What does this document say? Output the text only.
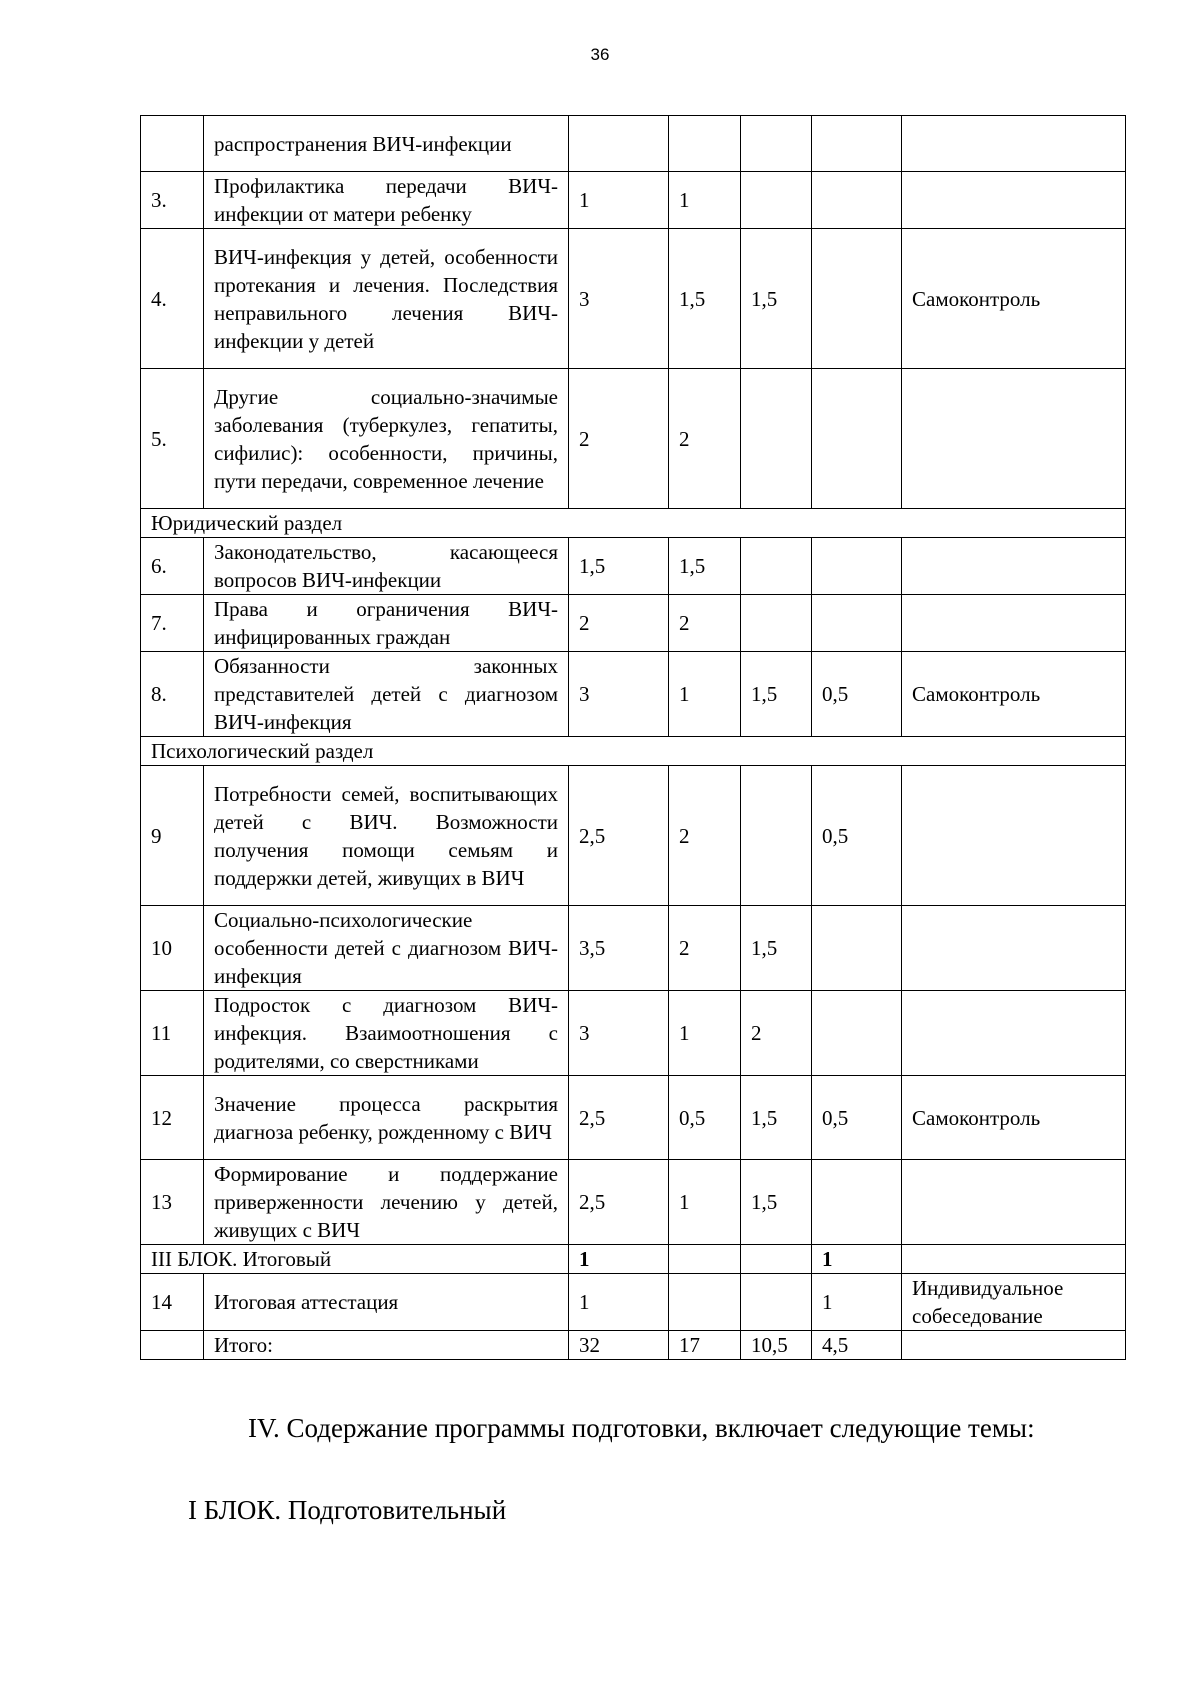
36
	распространения ВИЧ-инфекции					
3.	Профилактика передачи ВИЧ-инфекции от матери ребенку	1	1			
4.	ВИЧ-инфекция у детей, особенности протекания и лечения. Последствия неправильного лечения ВИЧ-инфекции у детей	3	1,5	1,5		Самоконтроль
5.	Другие социально-значимые заболевания (туберкулез, гепатиты, сифилис): особенности, причины, пути передачи, современное лечение	2	2			
Юридический раздел						
6.	Законодательство, касающееся вопросов ВИЧ-инфекции	1,5	1,5			
7.	Права и ограничения ВИЧ-инфицированных граждан	2	2			
8.	Обязанности законных представителей детей с диагнозом ВИЧ-инфекция	3	1	1,5	0,5	Самоконтроль
Психологический раздел						
9	Потребности семей, воспитывающих детей с ВИЧ. Возможности получения помощи семьям и поддержки детей, живущих в ВИЧ	2,5	2		0,5	
10	Социально-психологические особенности детей с диагнозом ВИЧ-инфекция	3,5	2	1,5		
11	Подросток с диагнозом ВИЧ-инфекция. Взаимоотношения с родителями, со сверстниками	3	1	2		
12	Значение процесса раскрытия диагноза ребенку, рожденному с ВИЧ	2,5	0,5	1,5	0,5	Самоконтроль
13	Формирование и поддержание приверженности лечению у детей, живущих с ВИЧ	2,5	1	1,5		
III БЛОК. Итоговый		1			1	
14	Итоговая аттестация	1			1	Индивидуальное собеседование
	Итого:	32	17	10,5	4,5	
IV. Содержание программы подготовки, включает следующие темы:
I БЛОК. Подготовительный
